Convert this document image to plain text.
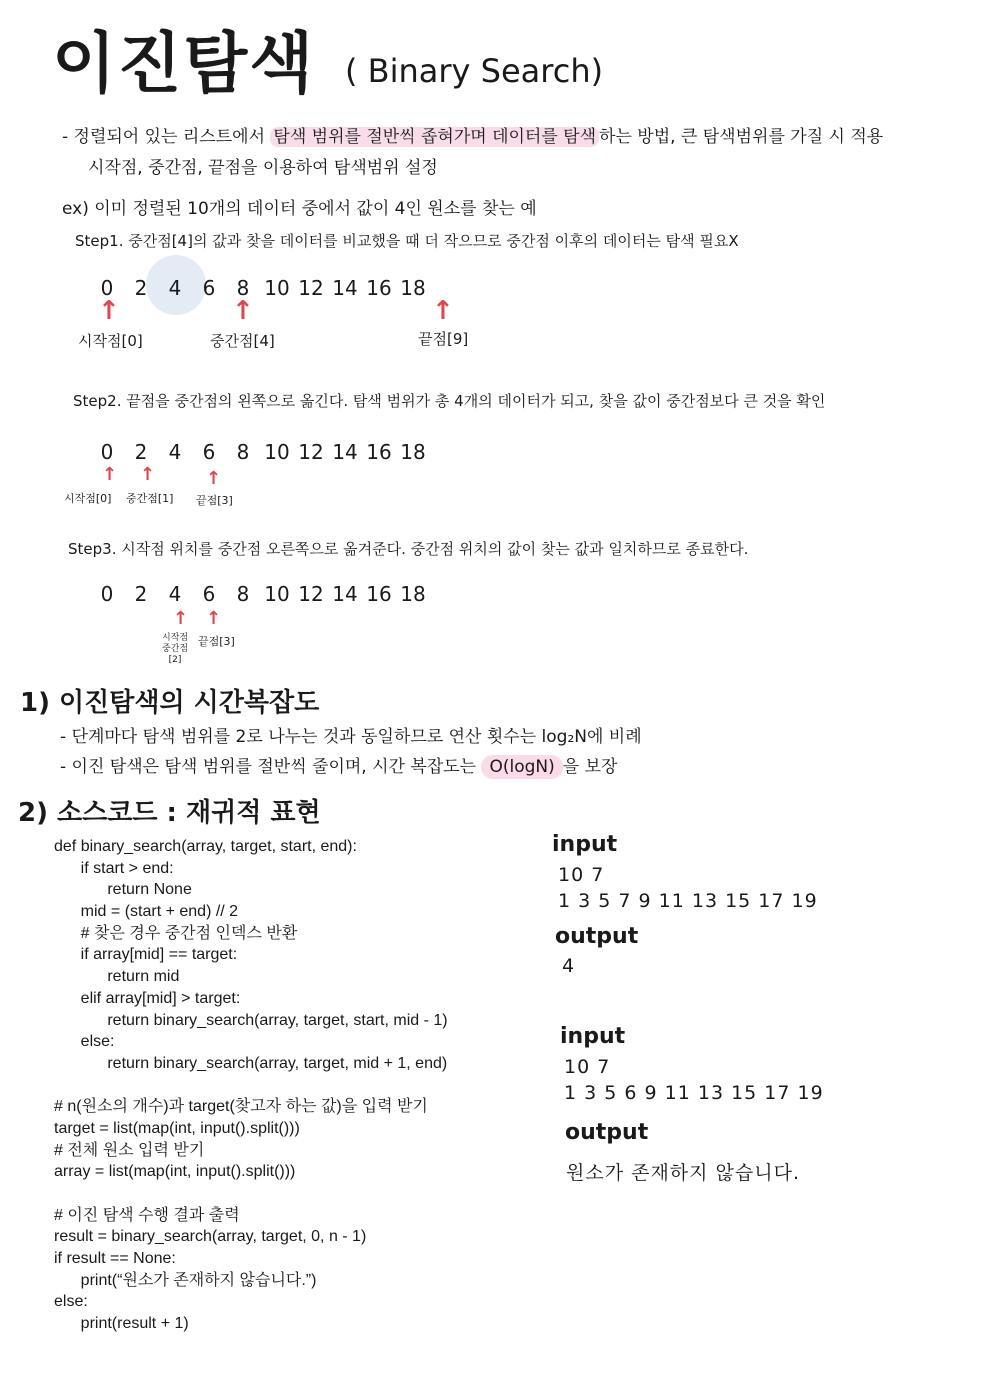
이진탐색 ( Binary Search)
- 정렬되어 있는 리스트에서 탐색 범위를 절반씩 좁혀가며 데이터를 탐색 하는 방법, 큰 탐색범위를 가질 시 적용
시작점, 중간점, 끝점을 이용하여 탐색범위 설정
ex) 이미 정렬된 10개의 데이터 중에서 값이 4인 원소를 찾는 예
Step1. 중간점[4]의 값과 찾을 데이터를 비교했을 때 더 작으므로 중간점 이후의 데이터는 탐색 필요X
0	2	4	6	8 10 12 14 16 18
↑	↑	↑
시작점[0]	중간점[4]	끝점[9]
Step2. 끝점을 중간점의 왼쪽으로 옮긴다. 탐색 범위가 총 4개의 데이터가 되고, 찾을 값이 중간점보다 큰 것을 확인
0	2	4	6	8 10 12 14 16 18
↑ ↑	↑
시작점[0] 중간점[1] 끝점[3]
Step3. 시작점 위치를 중간점 오른쪽으로 옮겨준다. 중간점 위치의 값이 찾는 값과 일치하므로 종료한다.
0	2	4	6	8 10 12 14 16 18
↑ ↑
시작점
중간점
[2]
끝점[3]
1) 이진탐색의 시간복잡도
- 단계마다 탐색 범위를 2로 나누는 것과 동일하므로 연산 횟수는 log₂N에 비례
- 이진 탐색은 탐색 범위를 절반씩 줄이며, 시간 복잡도는 O(logN) 을 보장
2) 소스코드 : 재귀적 표현
def binary_search(array, target, start, end):
if start > end:
return None
mid = (start + end) // 2
# 찾은 경우 중간점 인덱스 반환
if array[mid] == target:
return mid
elif array[mid] > target:
return binary_search(array, target, start, mid - 1)
else:
return binary_search(array, target, mid + 1, end)
# n(원소의 개수)과 target(찾고자 하는 값)을 입력 받기
target = list(map(int, input().split()))
# 전체 원소 입력 받기
array = list(map(int, input().split()))
# 이진 탐색 수행 결과 출력
result = binary_search(array, target, 0, n - 1)
if result == None:
print(“원소가 존재하지 않습니다.”)
else:
print(result + 1)
input
10 7
1 3 5 7 9 11 13 15 17 19
output
4
input
10 7
1 3 5 6 9 11 13 15 17 19
output
원소가 존재하지 않습니다.
